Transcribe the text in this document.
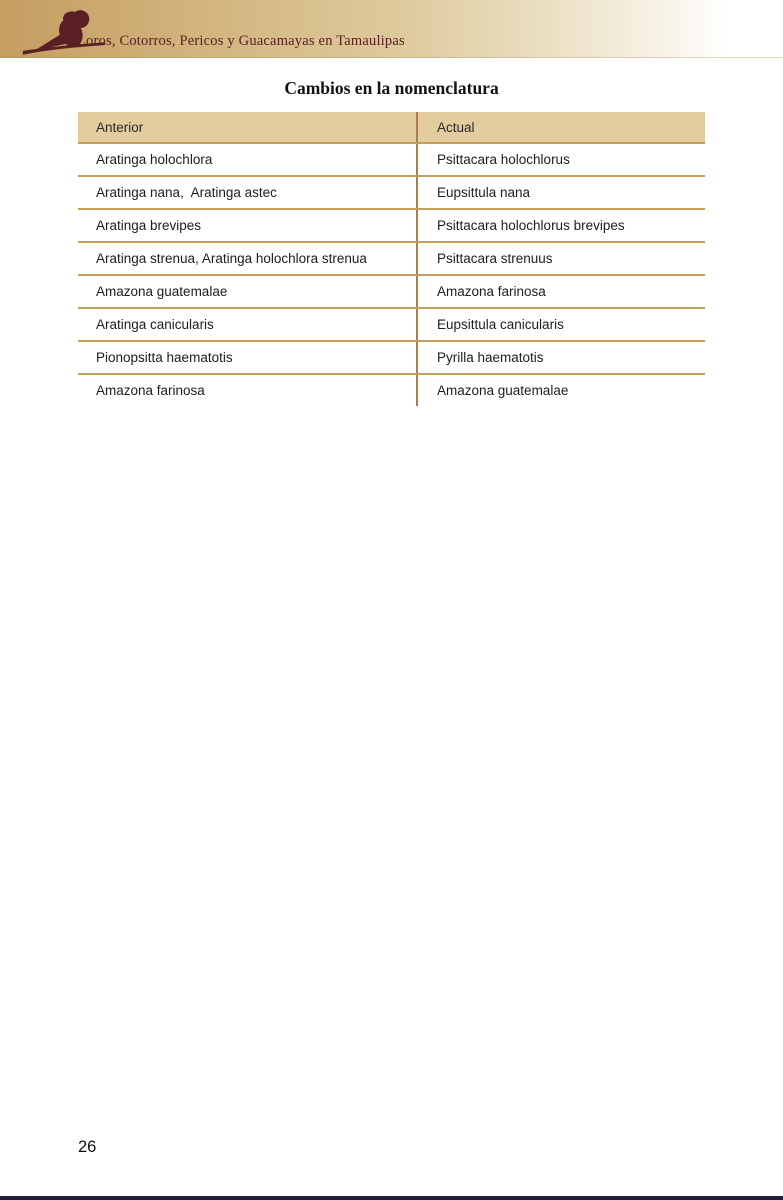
Loros, Cotorros, Pericos y Guacamayas en Tamaulipas
Cambios en la nomenclatura
Anterior	Actual
Aratinga holochlora	Psittacara holochlorus
Aratinga nana,  Aratinga astec	Eupsittula nana
Aratinga brevipes	Psittacara holochlorus brevipes
Aratinga strenua, Aratinga holochlora strenua	Psittacara strenuus
Amazona guatemalae	Amazona farinosa
Aratinga canicularis	Eupsittula canicularis
Pionopsitta haematotis	Pyrilla haematotis
Amazona farinosa	Amazona guatemalae
26
